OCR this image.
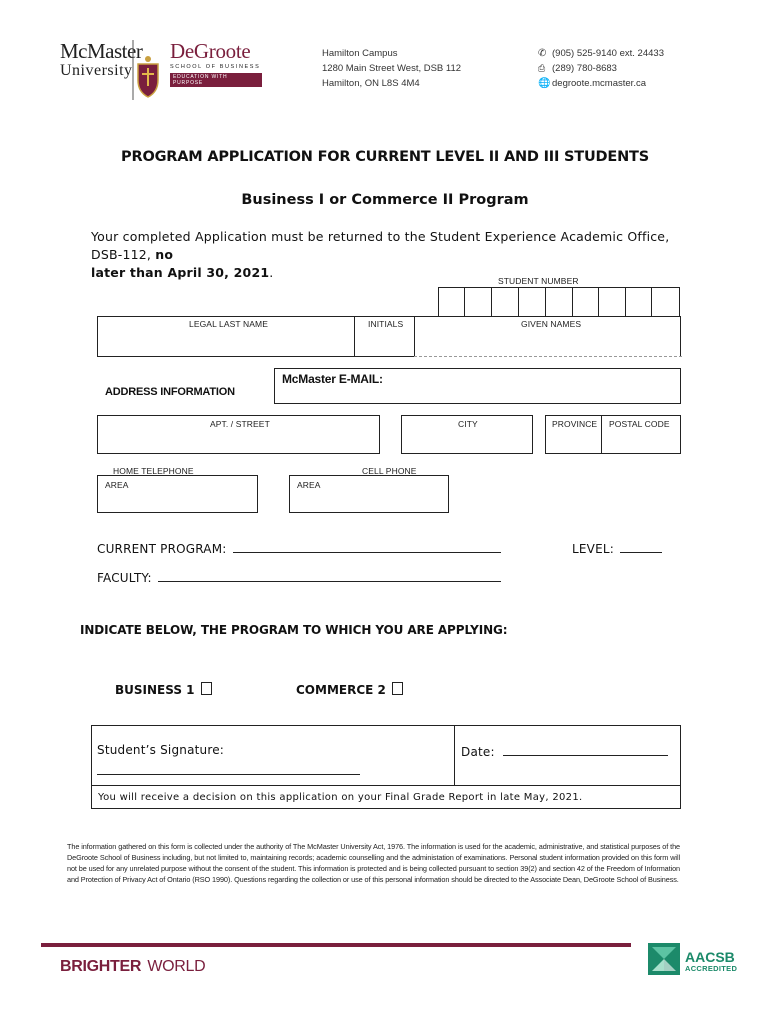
McMaster
University
DeGroote
SCHOOL OF BUSINESS
EDUCATION WITH PURPOSE
Hamilton Campus
1280 Main Street West, DSB 112
Hamilton, ON L8S 4M4
✆ (905) 525-9140 ext. 24433
⎙ (289) 780-8683
🌐 degroote.mcmaster.ca
PROGRAM APPLICATION FOR CURRENT LEVEL II AND III STUDENTS
Business I or Commerce II Program
Your completed Application must be returned to the Student Experience Academic Office, DSB-112, no
later than April 30, 2021.
STUDENT NUMBER
LEGAL LAST NAME	INITIALS	GIVEN NAMES
McMaster E-MAIL:
ADDRESS INFORMATION
APT. / STREET	CITY	PROVINCE POSTAL CODE
HOME TELEPHONE
AREA
CELL PHONE
AREA
CURRENT PROGRAM:	LEVEL:
FACULTY:
INDICATE BELOW, THE PROGRAM TO WHICH YOU ARE APPLYING:
BUSINESS 1	COMMERCE 2
Student’s Signature:	Date:
You will receive a decision on this application on your Final Grade Report in late May, 2021.
The information gathered on this form is collected under the authority of The McMaster University Act, 1976. The information is used for the academic, administrative, and statistical purposes of the DeGroote School of Business including, but not limited to, maintaining records; academic counselling and the administation of examinations. Personal student information provided on this form will not be used for any unrelated purpose without the consent of the student. This information is protected and is being collected pursuant to section 39(2) and section 42 of the Freedom of Information and Protection of Privacy Act of Ontario (RSO 1990). Questions regarding the collection or use of this personal information should be directed to the Associate Dean, DeGroote School of Business.
BRIGHTER WORLD
AACSB
ACCREDITED
